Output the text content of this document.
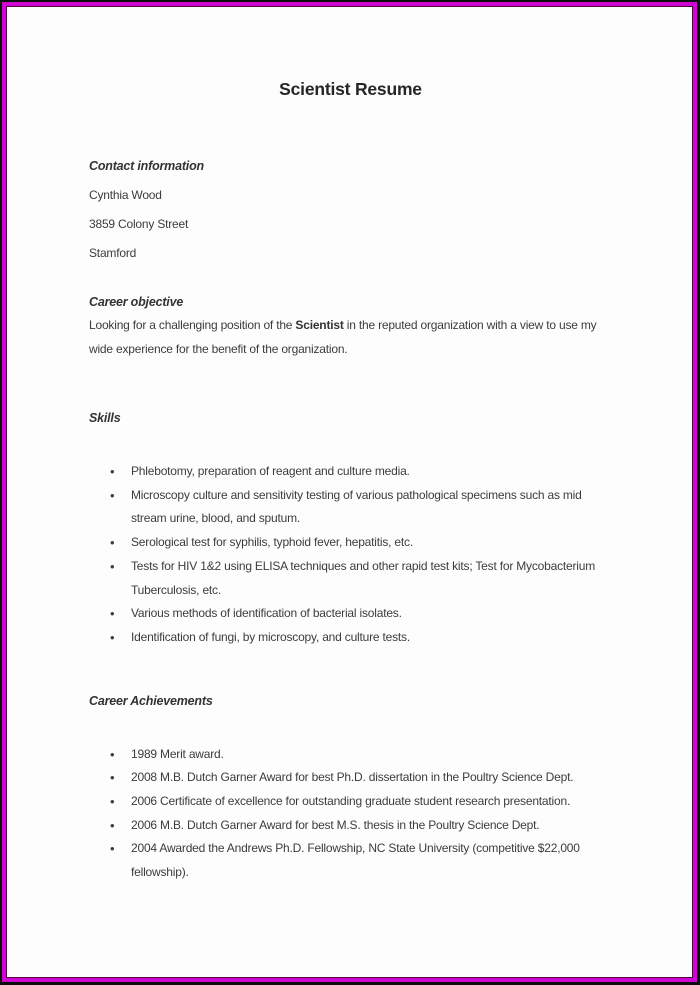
Scientist Resume
Contact information

Cynthia Wood

3859 Colony Street

Stamford

Career objective

Looking for a challenging position of the Scientist in the reputed organization with a view to use my wide experience for the benefit of the organization.

Skills
• Phlebotomy, preparation of reagent and culture media.
• Microscopy culture and sensitivity testing of various pathological specimens such as mid stream urine, blood, and sputum.
• Serological test for syphilis, typhoid fever, hepatitis, etc.
• Tests for HIV 1&2 using ELISA techniques and other rapid test kits; Test for Mycobacterium Tuberculosis, etc.
• Various methods of identification of bacterial isolates.
• Identification of fungi, by microscopy, and culture tests.
Career Achievements
• 1989 Merit award.
• 2008 M.B. Dutch Garner Award for best Ph.D. dissertation in the Poultry Science Dept.
• 2006 Certificate of excellence for outstanding graduate student research presentation.
• 2006 M.B. Dutch Garner Award for best M.S. thesis in the Poultry Science Dept.
• 2004 Awarded the Andrews Ph.D. Fellowship, NC State University (competitive $22,000 fellowship).
